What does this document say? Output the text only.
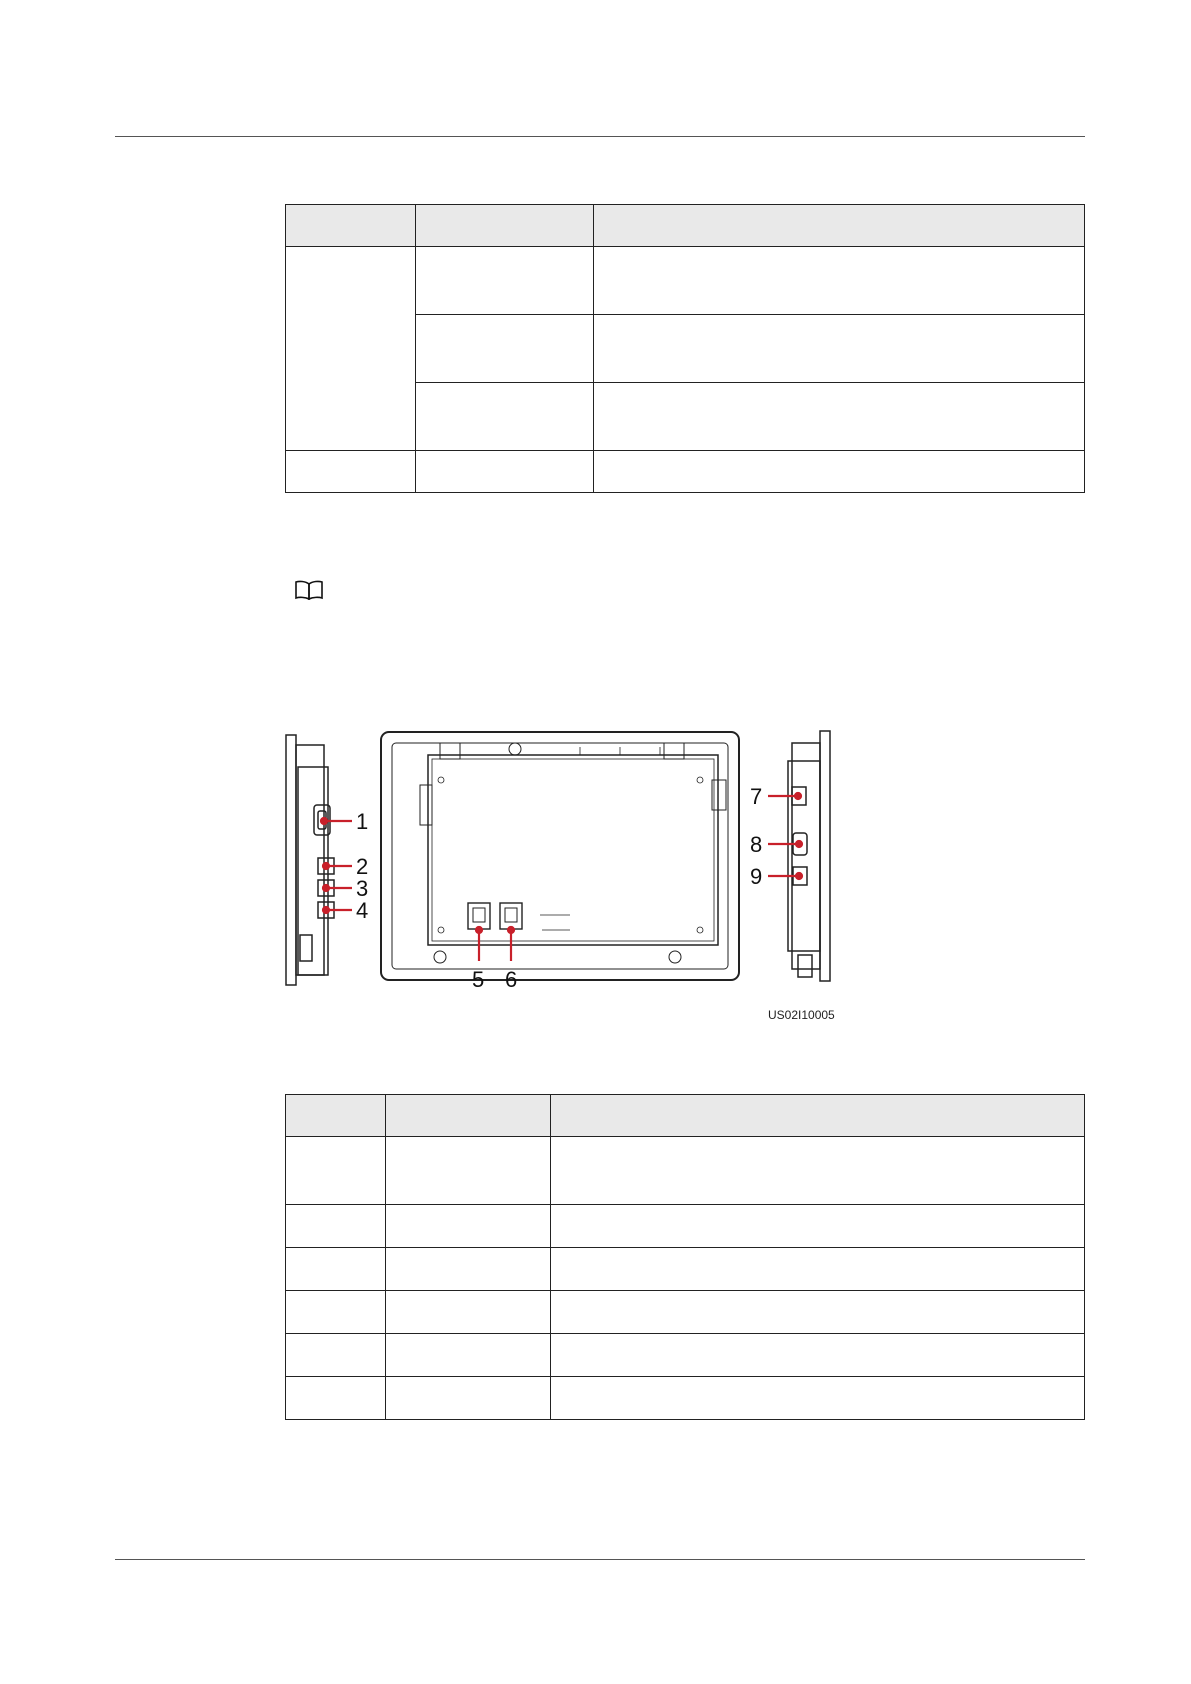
1
2
3
4
5 6
7
8
9
US02I10005
